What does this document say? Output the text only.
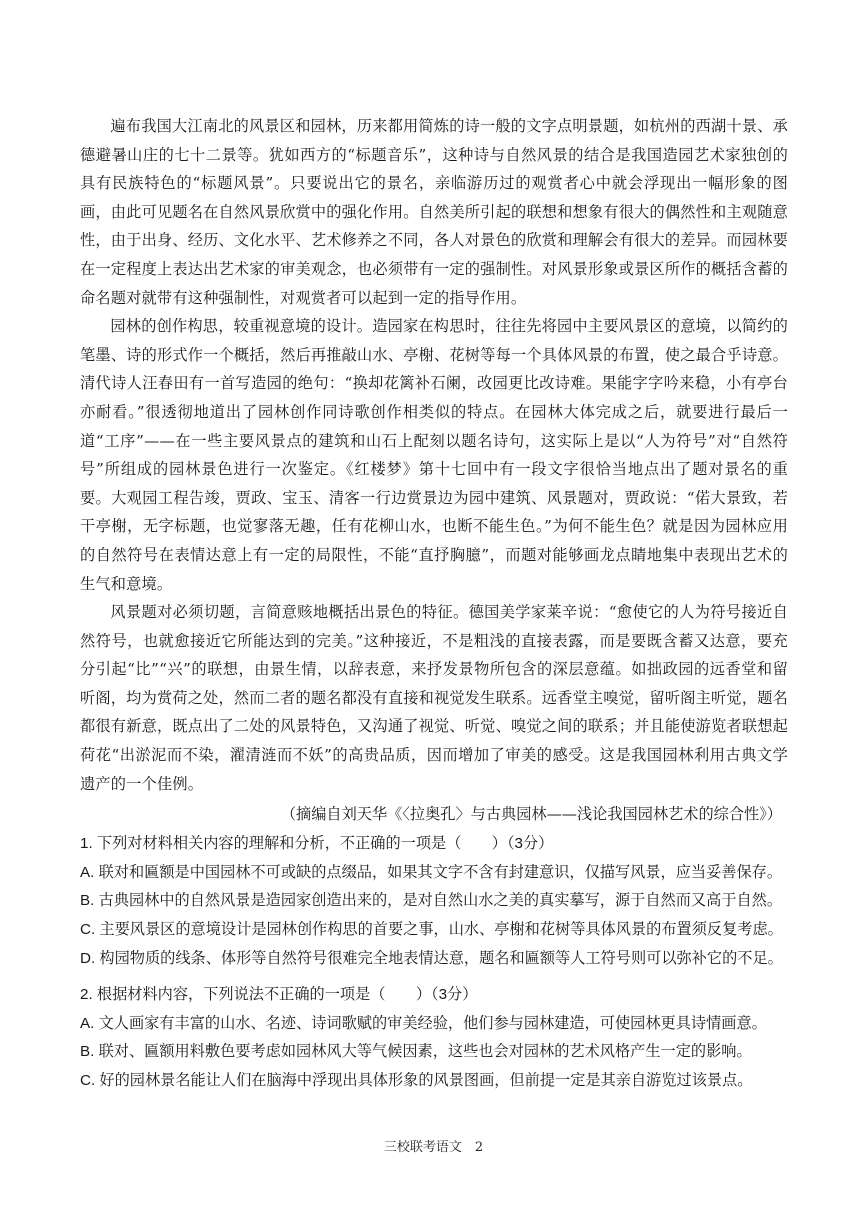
遍布我国大江南北的风景区和园林，历来都用简炼的诗一般的文字点明景题，如杭州的西湖十景、承德避暑山庄的七十二景等。犹如西方的“标题音乐”，这种诗与自然风景的结合是我国造园艺术家独创的具有民族特色的“标题风景”。只要说出它的景名，亲临游历过的观赏者心中就会浮现出一幅形象的图画，由此可见题名在自然风景欣赏中的强化作用。自然美所引起的联想和想象有很大的偶然性和主观随意性，由于出身、经历、文化水平、艺术修养之不同，各人对景色的欣赏和理解会有很大的差异。而园林要在一定程度上表达出艺术家的审美观念，也必须带有一定的强制性。对风景形象或景区所作的概括含蓄的命名题对就带有这种强制性，对观赏者可以起到一定的指导作用。

园林的创作构思，较重视意境的设计。造园家在构思时，往往先将园中主要风景区的意境，以简约的笔墨、诗的形式作一个概括，然后再推敲山水、亭榭、花树等每一个具体风景的布置，使之最合乎诗意。清代诗人汪春田有一首写造园的绝句：“换却花篱补石阑，改园更比改诗难。果能字字吟来稳，小有亭台亦耐看。”很透彻地道出了园林创作同诗歌创作相类似的特点。在园林大体完成之后，就要进行最后一道“工序”——在一些主要风景点的建筑和山石上配刻以题名诗句，这实际上是以“人为符号”对“自然符号”所组成的园林景色进行一次鉴定。《红楼梦》第十七回中有一段文字很恰当地点出了题对景名的重要。大观园工程告竣，贾政、宝玉、清客一行边赏景边为园中建筑、风景题对，贾政说：“偌大景致，若干亭榭，无字标题，也觉寥落无趣，任有花柳山水，也断不能生色。”为何不能生色？就是因为园林应用的自然符号在表情达意上有一定的局限性，不能“直抒胸臆”，而题对能够画龙点睛地集中表现出艺术的生气和意境。

风景题对必须切题，言简意赅地概括出景色的特征。德国美学家莱辛说：“愈使它的人为符号接近自然符号，也就愈接近它所能达到的完美。”这种接近，不是粗浅的直接表露，而是要既含蓄又达意，要充分引起“比”“兴”的联想，由景生情，以辞表意，来抒发景物所包含的深层意蕴。如拙政园的远香堂和留听阁，均为赏荷之处，然而二者的题名都没有直接和视觉发生联系。远香堂主嗅觉，留听阁主听觉，题名都很有新意，既点出了二处的风景特色，又沟通了视觉、听觉、嗅觉之间的联系；并且能使游览者联想起荷花“出淤泥而不染，濯清涟而不妖”的高贵品质，因而增加了审美的感受。这是我国园林利用古典文学遗产的一个佳例。

（摘编自刘天华《〈拉奥孔〉与古典园林——浅论我国园林艺术的综合性》）

1. 下列对材料相关内容的理解和分析，不正确的一项是（　　）（3分）

A. 联对和匾额是中国园林不可或缺的点缀品，如果其文字不含有封建意识，仅描写风景，应当妥善保存。

B. 古典园林中的自然风景是造园家创造出来的，是对自然山水之美的真实摹写，源于自然而又高于自然。

C. 主要风景区的意境设计是园林创作构思的首要之事，山水、亭榭和花树等具体风景的布置须反复考虑。

D. 构园物质的线条、体形等自然符号很难完全地表情达意，题名和匾额等人工符号则可以弥补它的不足。

2. 根据材料内容，下列说法不正确的一项是（　　）（3分）

A. 文人画家有丰富的山水、名迹、诗词歌赋的审美经验，他们参与园林建造，可使园林更具诗情画意。

B. 联对、匾额用料敷色要考虑如园林风大等气候因素，这些也会对园林的艺术风格产生一定的影响。

C. 好的园林景名能让人们在脑海中浮现出具体形象的风景图画，但前提一定是其亲自游览过该景点。

三校联考语文　2
